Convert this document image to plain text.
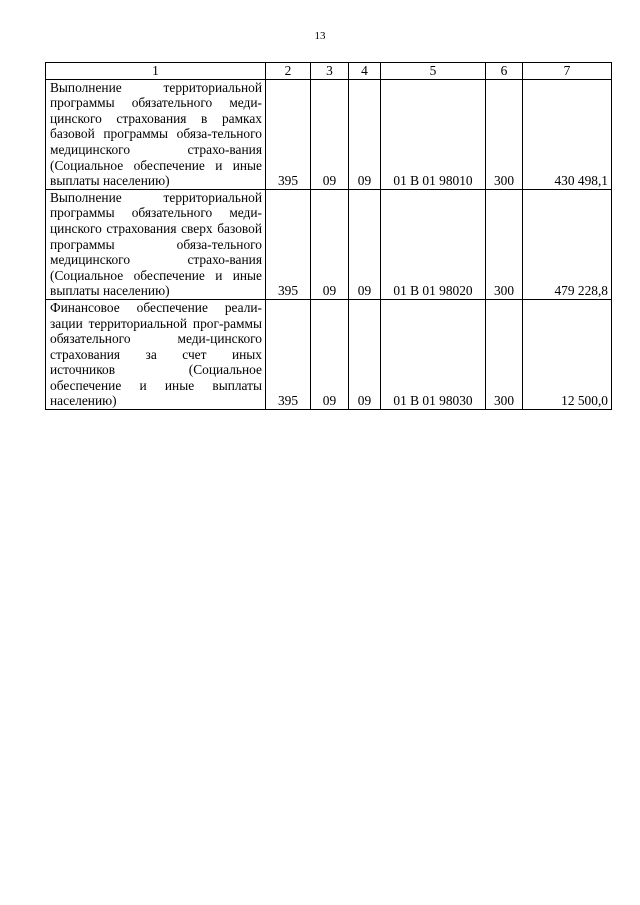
13
1	2	3	4	5	6	7
Выполнение территориальной программы обязательного меди-цинского страхования в рамках базовой программы обяза-тельного медицинского страхо-вания (Социальное обеспечение и иные выплаты населению)	395	09	09	01 В 01 98010	300	430 498,1
Выполнение территориальной программы обязательного меди-цинского страхования сверх базовой программы обяза-тельного медицинского страхо-вания (Социальное обеспечение и иные выплаты населению)	395	09	09	01 В 01 98020	300	479 228,8
Финансовое обеспечение реали-зации территориальной прог-раммы обязательного меди-цинского страхования за счет иных источников (Социальное обеспечение и иные выплаты населению)	395	09	09	01 В 01 98030	300	12 500,0
